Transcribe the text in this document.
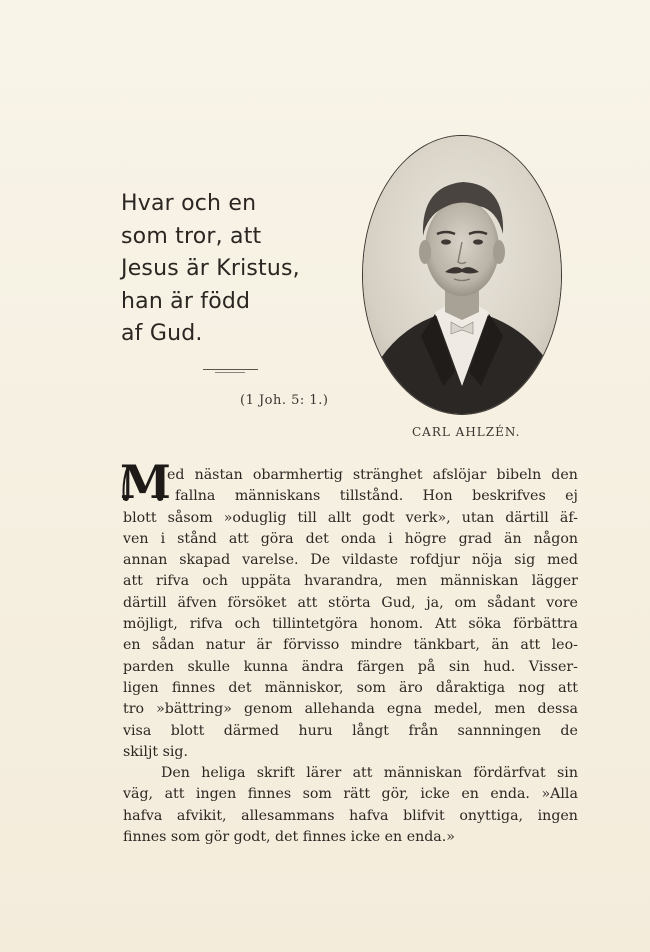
Hvar och en
som tror, att
Jesus är Kristus,
han är född
af Gud.
(1 Joh. 5: 1.)
CARL AHLZÉN.
M
ed nästan obarmhertig stränghet afslöjar bibeln den
fallna människans tillstånd. Hon beskrifves ej
blott såsom »oduglig till allt godt verk», utan därtill äf-
ven i stånd att göra det onda i högre grad än någon
annan skapad varelse. De vildaste rofdjur nöja sig med
att rifva och uppäta hvarandra, men människan lägger
därtill äfven försöket att störta Gud, ja, om sådant vore
möjligt, rifva och tillintetgöra honom. Att söka förbättra
en sådan natur är förvisso mindre tänkbart, än att leo-
parden skulle kunna ändra färgen på sin hud. Visser-
ligen finnes det människor, som äro dåraktiga nog att
tro »bättring» genom allehanda egna medel, men dessa
visa blott därmed huru långt från sannningen de
skiljt sig.
Den heliga skrift lärer att människan fördärfvat sin
väg, att ingen finnes som rätt gör, icke en enda. »Alla
hafva afvikit, allesammans hafva blifvit onyttiga, ingen
finnes som gör godt, det finnes icke en enda.»
